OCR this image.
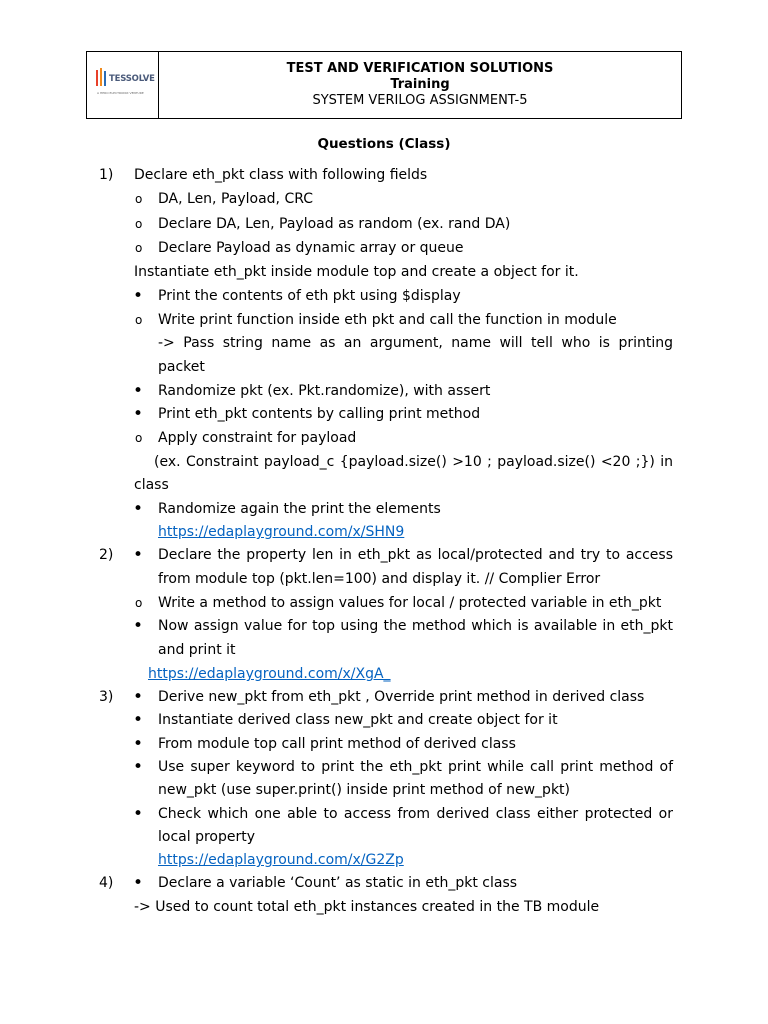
TESSOLVE
A HERO ELECTRONIX VENTURE
TEST AND VERIFICATION SOLUTIONS
Training
SYSTEM VERILOG ASSIGNMENT-5
Questions (Class)
1) Declare eth_pkt class with following fields
o DA, Len, Payload, CRC
o Declare DA, Len, Payload as random (ex. rand DA)
o Declare Payload as dynamic array or queue
Instantiate eth_pkt inside module top and create a object for it.
• Print the contents of eth pkt using $display
o Write print function inside eth pkt and call the function in module
-> Pass string name as an argument, name will tell who is printing
packet
• Randomize pkt (ex. Pkt.randomize), with assert
• Print eth_pkt contents by calling print method
o Apply constraint for payload
(ex. Constraint payload_c {payload.size() >10 ; payload.size() <20 ;}) in
class
• Randomize again the print the elements
https://edaplayground.com/x/SHN9
2) • Declare the property len in eth_pkt as local/protected and try to access
from module top (pkt.len=100) and display it. // Complier Error
o Write a method to assign values for local / protected variable in eth_pkt
• Now assign value for top using the method which is available in eth_pkt
and print it
https://edaplayground.com/x/XgA_
3) • Derive new_pkt from eth_pkt , Override print method in derived class
• Instantiate derived class new_pkt and create object for it
• From module top call print method of derived class
• Use super keyword to print the eth_pkt print while call print method of
new_pkt (use super.print() inside print method of new_pkt)
• Check which one able to access from derived class either protected or
local property
https://edaplayground.com/x/G2Zp
4) • Declare a variable ‘Count’ as static in eth_pkt class
-> Used to count total eth_pkt instances created in the TB module
